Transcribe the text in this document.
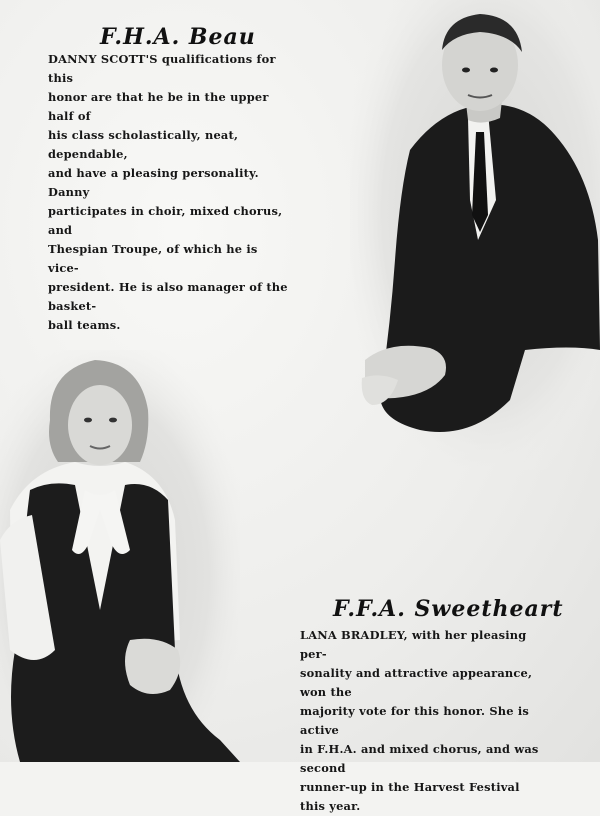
F.H.A. Beau
DANNY SCOTT'S qualifications for this
honor are that he be in the upper half of
his class scholastically, neat, dependable,
and have a pleasing personality. Danny
participates in choir, mixed chorus, and
Thespian Troupe, of which he is vice-
president. He is also manager of the basket-
ball teams.
F.F.A. Sweetheart
LANA BRADLEY, with her pleasing per-
sonality and attractive appearance, won the
majority vote for this honor. She is active
in F.H.A. and mixed chorus, and was second
runner-up in the Harvest Festival this year.
